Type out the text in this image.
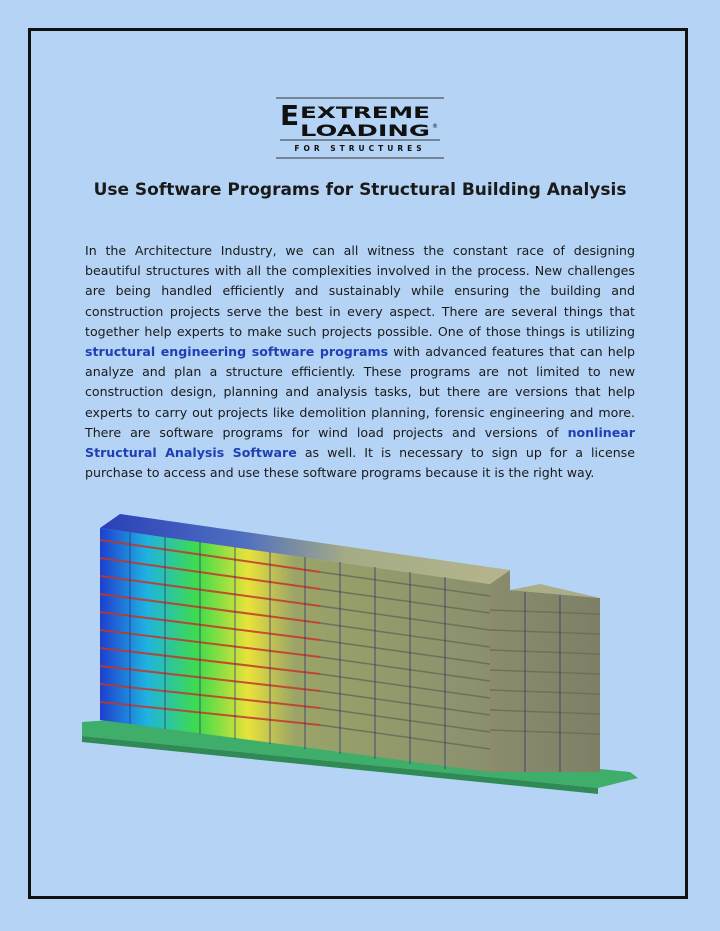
E EXTREME
LOADING ®
FOR STRUCTURES
Use Software Programs for Structural Building Analysis

In the Architecture Industry, we can all witness the constant race of designing beautiful structures with all the complexities involved in the process. New challenges are being handled efficiently and sustainably while ensuring the building and construction projects serve the best in every aspect. There are several things that together help experts to make such projects possible. One of those things is utilizing structural engineering software programs with advanced features that can help analyze and plan a structure efficiently. These programs are not limited to new construction design, planning and analysis tasks, but there are versions that help experts to carry out projects like demolition planning, forensic engineering and more. There are software programs for wind load projects and versions of nonlinear Structural Analysis Software as well. It is necessary to sign up for a license purchase to access and use these software programs because it is the right way.
